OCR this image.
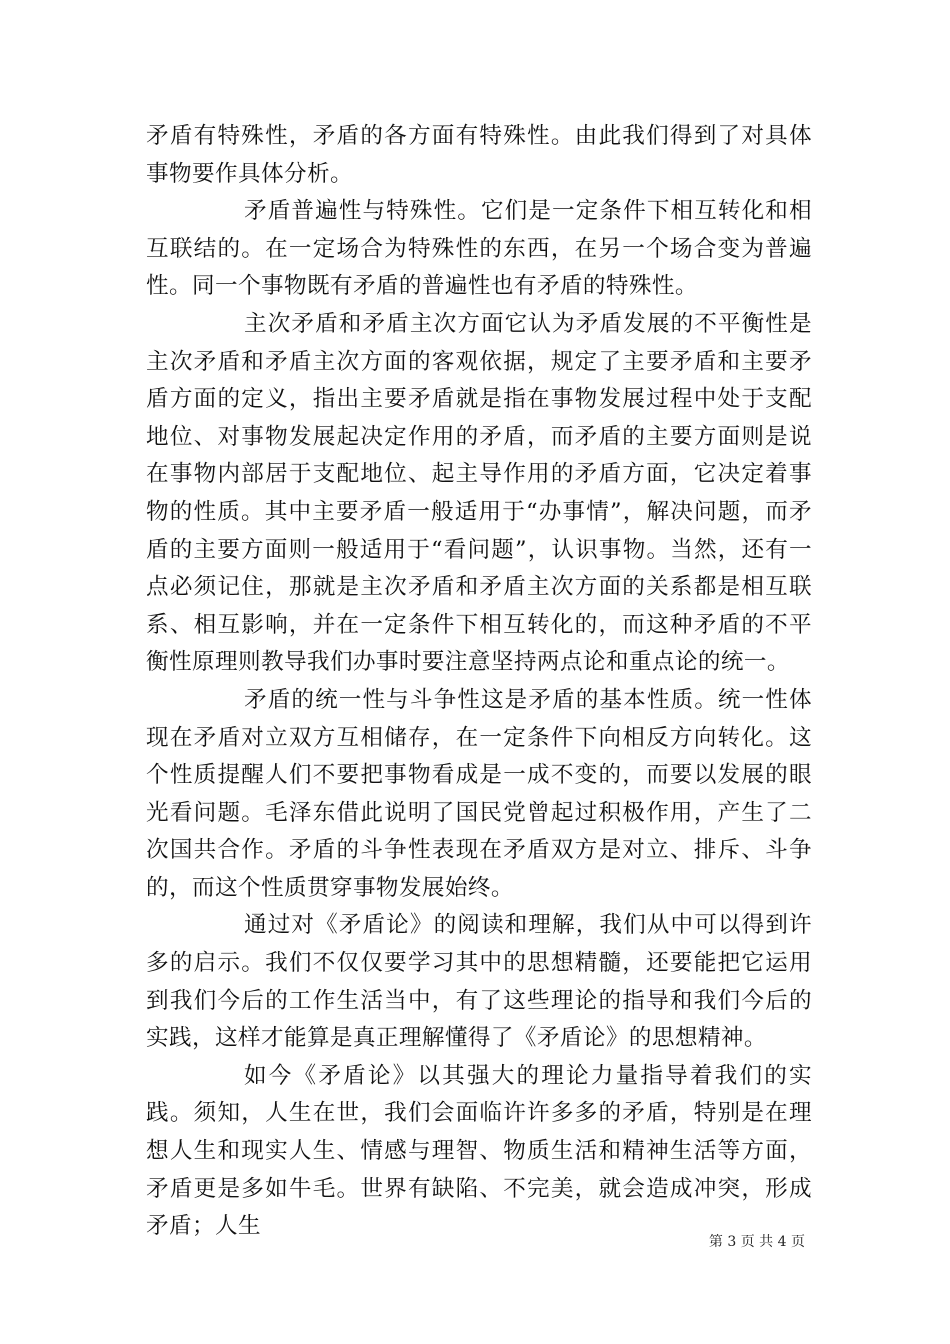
矛盾有特殊性，矛盾的各方面有特殊性。由此我们得到了对具体事物要作具体分析。

矛盾普遍性与特殊性。它们是一定条件下相互转化和相互联结的。在一定场合为特殊性的东西，在另一个场合变为普遍性。同一个事物既有矛盾的普遍性也有矛盾的特殊性。

主次矛盾和矛盾主次方面它认为矛盾发展的不平衡性是主次矛盾和矛盾主次方面的客观依据，规定了主要矛盾和主要矛盾方面的定义，指出主要矛盾就是指在事物发展过程中处于支配地位、对事物发展起决定作用的矛盾，而矛盾的主要方面则是说在事物内部居于支配地位、起主导作用的矛盾方面，它决定着事物的性质。其中主要矛盾一般适用于“办事情”，解决问题，而矛盾的主要方面则一般适用于“看问题”，认识事物。当然，还有一点必须记住，那就是主次矛盾和矛盾主次方面的关系都是相互联系、相互影响，并在一定条件下相互转化的，而这种矛盾的不平衡性原理则教导我们办事时要注意坚持两点论和重点论的统一。

矛盾的统一性与斗争性这是矛盾的基本性质。统一性体现在矛盾对立双方互相储存，在一定条件下向相反方向转化。这个性质提醒人们不要把事物看成是一成不变的，而要以发展的眼光看问题。毛泽东借此说明了国民党曾起过积极作用，产生了二次国共合作。矛盾的斗争性表现在矛盾双方是对立、排斥、斗争的，而这个性质贯穿事物发展始终。

通过对《矛盾论》的阅读和理解，我们从中可以得到许多的启示。我们不仅仅要学习其中的思想精髓，还要能把它运用到我们今后的工作生活当中，有了这些理论的指导和我们今后的实践，这样才能算是真正理解懂得了《矛盾论》的思想精神。

如今《矛盾论》以其强大的理论力量指导着我们的实践。须知，人生在世，我们会面临许许多多的矛盾，特别是在理想人生和现实人生、情感与理智、物质生活和精神生活等方面，矛盾更是多如牛毛。世界有缺陷、不完美，就会造成冲突，形成矛盾；人生

第 3 页 共 4 页
